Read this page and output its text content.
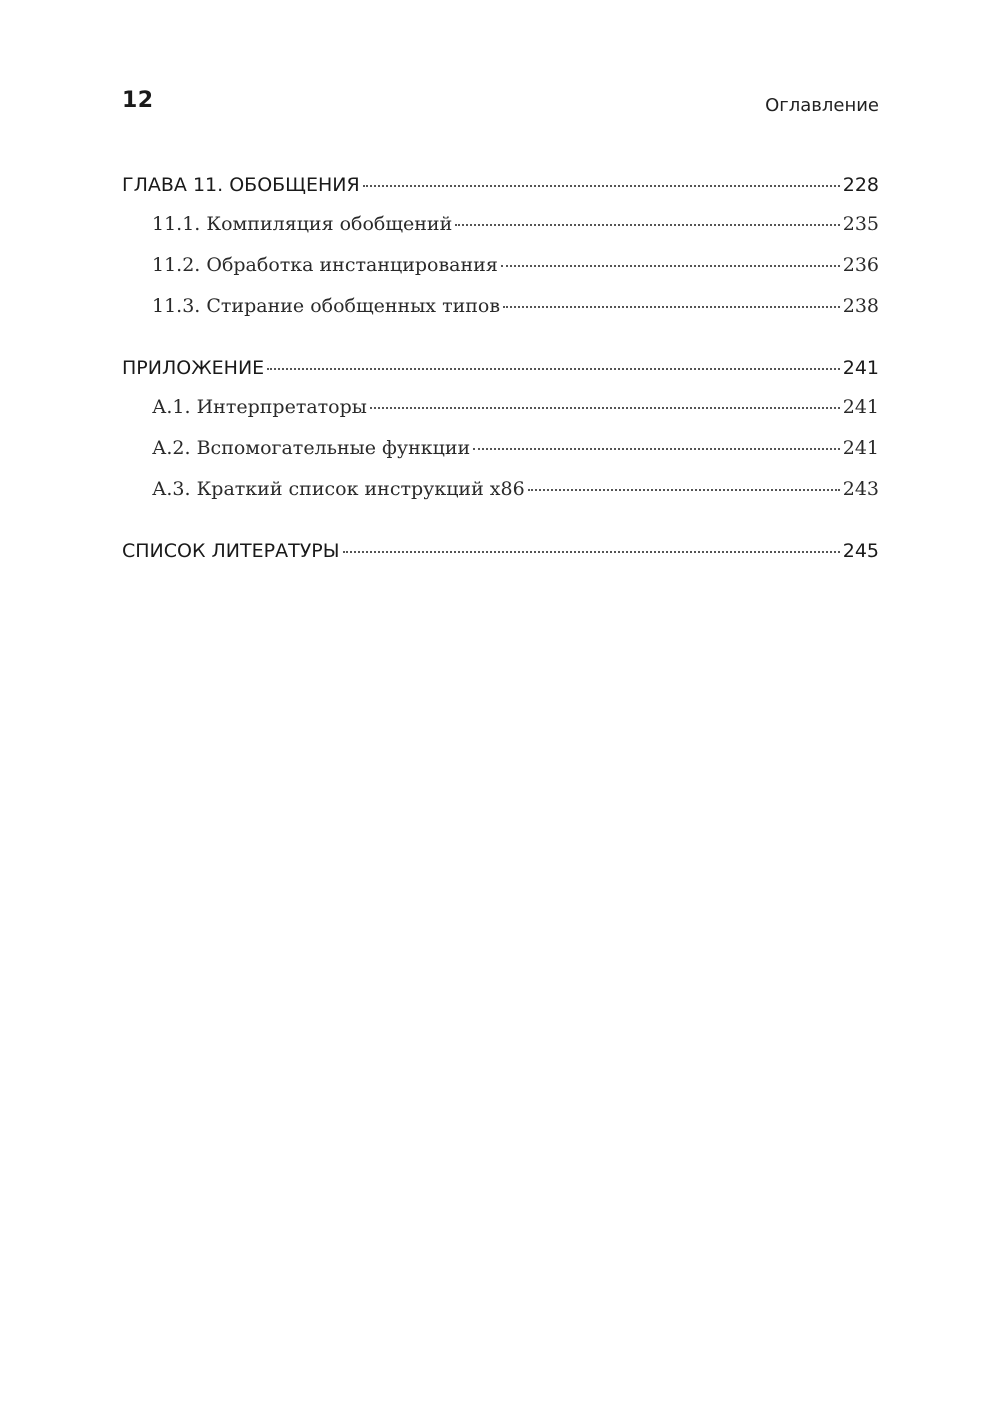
12	Оглавление
ГЛАВА 11. ОБОБЩЕНИЯ	228
11.1. Компиляция обобщений	235
11.2. Обработка инстанцирования	236
11.3. Стирание обобщенных типов	238
ПРИЛОЖЕНИЕ	241
А.1. Интерпретаторы	241
А.2. Вспомогательные функции	241
А.3. Краткий список инструкций x86	243
СПИСОК ЛИТЕРАТУРЫ	245
